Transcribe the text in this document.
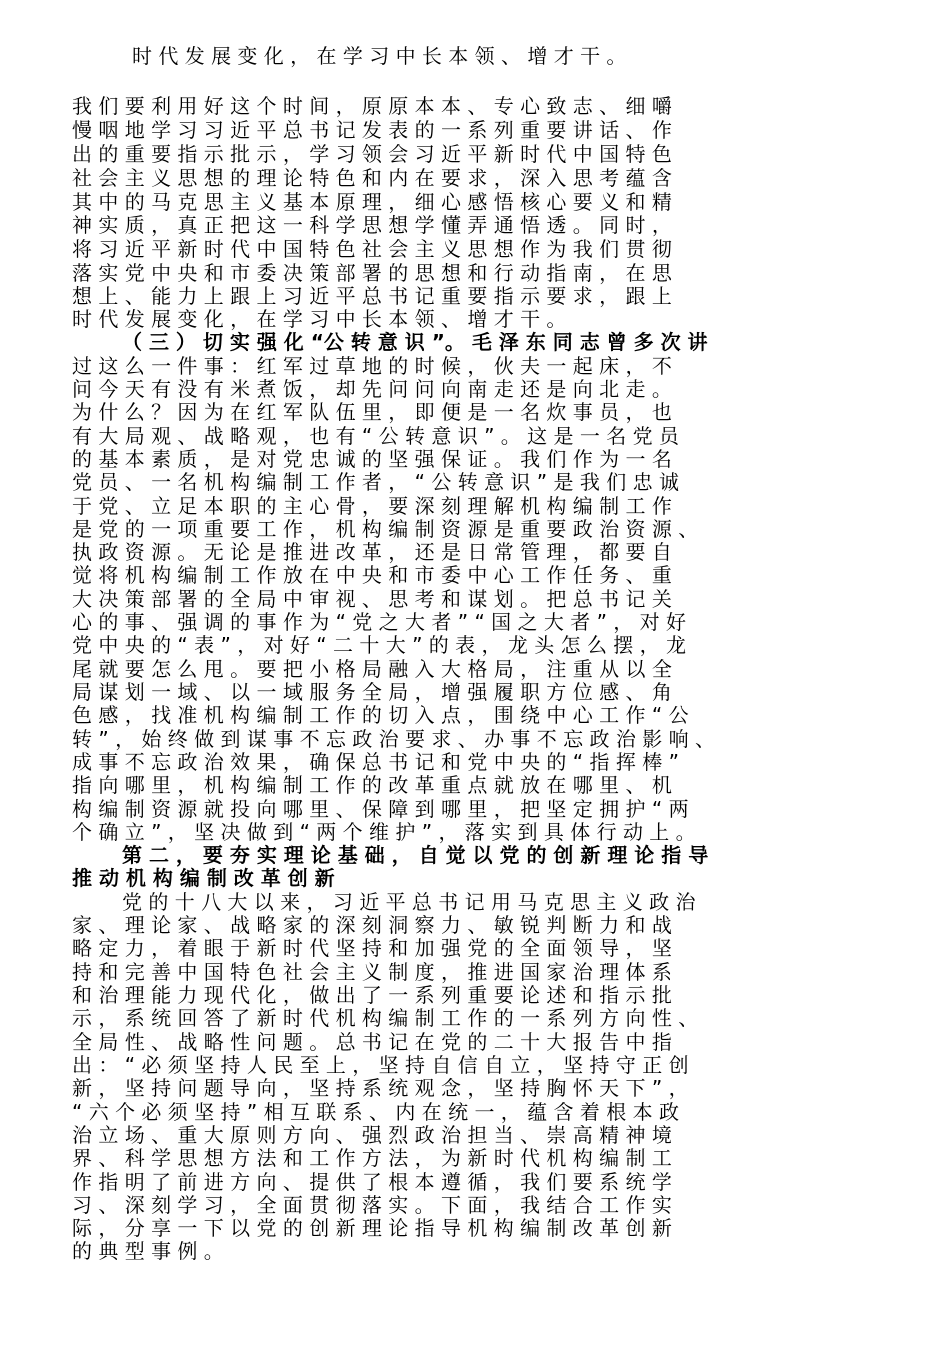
时 代 发 展 变 化 ， 在 学 习 中 长 本 领 、 增 才 干 。

我 们 要 利 用 好 这 个 时 间 ， 原 原 本 本 、 专 心 致 志 、 细 嚼

慢 咽 地 学 习 习 近 平 总 书 记 发 表 的 一 系 列 重 要 讲 话 、 作

出 的 重 要 指 示 批 示 ， 学 习 领 会 习 近 平 新 时 代 中 国 特 色

社 会 主 义 思 想 的 理 论 特 色 和 内 在 要 求 ， 深 入 思 考 蕴 含

其 中 的 马 克 思 主 义 基 本 原 理 ， 细 心 感 悟 核 心 要 义 和 精

神 实 质 ， 真 正 把 这 一 科 学 思 想 学 懂 弄 通 悟 透 。 同 时 ，

将 习 近 平 新 时 代 中 国 特 色 社 会 主 义 思 想 作 为 我 们 贯 彻

落 实 党 中 央 和 市 委 决 策 部 署 的 思 想 和 行 动 指 南 ， 在 思

想 上 、 能 力 上 跟 上 习 近 平 总 书 记 重 要 指 示 要 求 ， 跟 上

时 代 发 展 变 化 ， 在 学 习 中 长 本 领 、 增 才 干 。

（ 三 ） 切 实 强 化 “公 转 意 识 ”。 毛 泽 东 同 志 曾 多 次 讲

过 这 么 一 件 事 ： 红 军 过 草 地 的 时 候 ， 伙 夫 一 起 床 ， 不

问 今 天 有 没 有 米 煮 饭 ， 却 先 问 问 向 南 走 还 是 向 北 走 。

为 什 么 ？ 因 为 在 红 军 队 伍 里 ， 即 便 是 一 名 炊 事 员 ， 也

有 大 局 观 、 战 略 观 ， 也 有 “ 公 转 意 识 ” 。 这 是 一 名 党 员

的 基 本 素 质 ， 是 对 党 忠 诚 的 坚 强 保 证 。 我 们 作 为 一 名

党 员 、 一 名 机 构 编 制 工 作 者 ， “ 公 转 意 识 ” 是 我 们 忠 诚

于 党 、 立 足 本 职 的 主 心 骨 ， 要 深 刻 理 解 机 构 编 制 工 作

是 党 的 一 项 重 要 工 作 ， 机 构 编 制 资 源 是 重 要 政 治 资 源 、

执 政 资 源 。 无 论 是 推 进 改 革 ， 还 是 日 常 管 理 ， 都 要 自

觉 将 机 构 编 制 工 作 放 在 中 央 和 市 委 中 心 工 作 任 务 、 重

大 决 策 部 署 的 全 局 中 审 视 、 思 考 和 谋 划 。 把 总 书 记 关

心 的 事 、 强 调 的 事 作 为 “ 党 之 大 者 ” “ 国 之 大 者 ” ， 对 好

党 中 央 的 “ 表 ” ， 对 好 “ 二 十 大 ” 的 表 ， 龙 头 怎 么 摆 ， 龙

尾 就 要 怎 么 甩 。 要 把 小 格 局 融 入 大 格 局 ， 注 重 从 以 全

局 谋 划 一 域 、 以 一 域 服 务 全 局 ， 增 强 履 职 方 位 感 、 角

色 感 ， 找 准 机 构 编 制 工 作 的 切 入 点 ， 围 绕 中 心 工 作 “ 公

转 ” ， 始 终 做 到 谋 事 不 忘 政 治 要 求 、 办 事 不 忘 政 治 影 响 、

成 事 不 忘 政 治 效 果 ， 确 保 总 书 记 和 党 中 央 的 “ 指 挥 棒 ”

指 向 哪 里 ， 机 构 编 制 工 作 的 改 革 重 点 就 放 在 哪 里 、 机

构 编 制 资 源 就 投 向 哪 里 、 保 障 到 哪 里 ， 把 坚 定 拥 护 “ 两

个 确 立 ” ， 坚 决 做 到 “ 两 个 维 护 ” ， 落 实 到 具 体 行 动 上 。

第 二 ， 要 夯 实 理 论 基 础 ， 自 觉 以 党 的 创 新 理 论 指 导

推 动 机 构 编 制 改 革 创 新

党 的 十 八 大 以 来 ， 习 近 平 总 书 记 用 马 克 思 主 义 政 治

家 、 理 论 家 、 战 略 家 的 深 刻 洞 察 力 、 敏 锐 判 断 力 和 战

略 定 力 ， 着 眼 于 新 时 代 坚 持 和 加 强 党 的 全 面 领 导 ， 坚

持 和 完 善 中 国 特 色 社 会 主 义 制 度 ， 推 进 国 家 治 理 体 系

和 治 理 能 力 现 代 化 ， 做 出 了 一 系 列 重 要 论 述 和 指 示 批

示 ， 系 统 回 答 了 新 时 代 机 构 编 制 工 作 的 一 系 列 方 向 性 、

全 局 性 、 战 略 性 问 题 。 总 书 记 在 党 的 二 十 大 报 告 中 指

出 ： “ 必 须 坚 持 人 民 至 上 ， 坚 持 自 信 自 立 ， 坚 持 守 正 创

新 ， 坚 持 问 题 导 向 ， 坚 持 系 统 观 念 ， 坚 持 胸 怀 天 下 ” ，

“ 六 个 必 须 坚 持 ” 相 互 联 系 、 内 在 统 一 ， 蕴 含 着 根 本 政

治 立 场 、 重 大 原 则 方 向 、 强 烈 政 治 担 当 、 崇 高 精 神 境

界 、 科 学 思 想 方 法 和 工 作 方 法 ， 为 新 时 代 机 构 编 制 工

作 指 明 了 前 进 方 向 、 提 供 了 根 本 遵 循 ， 我 们 要 系 统 学

习 、 深 刻 学 习 ， 全 面 贯 彻 落 实 。 下 面 ， 我 结 合 工 作 实

际 ， 分 享 一 下 以 党 的 创 新 理 论 指 导 机 构 编 制 改 革 创 新

的 典 型 事 例 。
